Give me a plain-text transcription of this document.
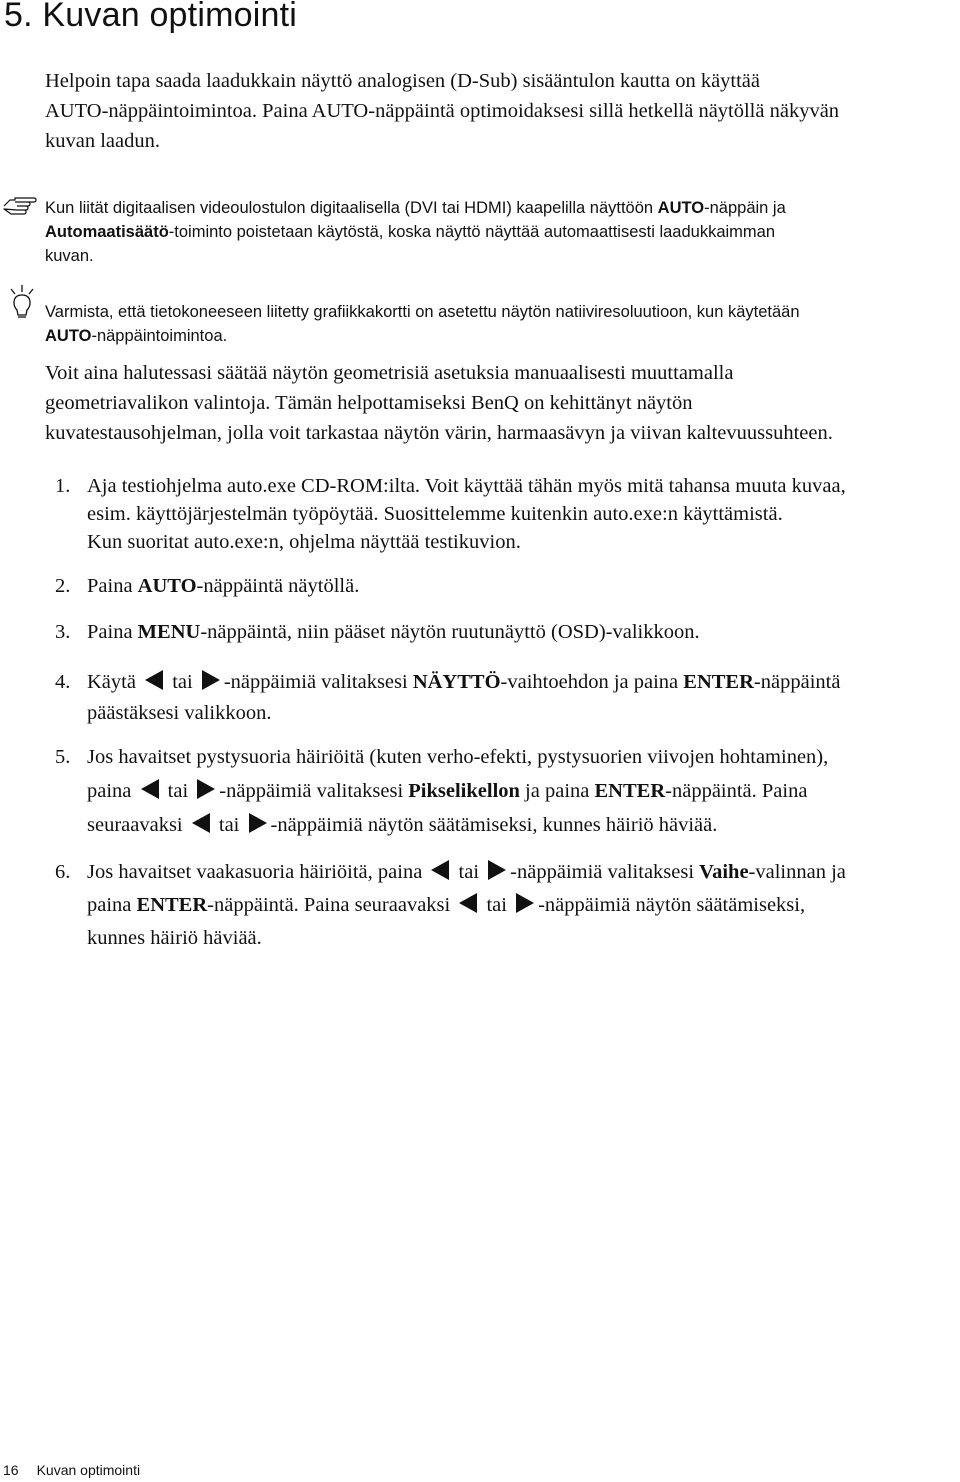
5. Kuvan optimointi
Helpoin tapa saada laadukkain näyttö analogisen (D-Sub) sisääntulon kautta on käyttää
AUTO-näppäintoimintoa. Paina AUTO-näppäintä optimoidaksesi sillä hetkellä näytöllä näkyvän
kuvan laadun.
Kun liität digitaalisen videoulostulon digitaalisella (DVI tai HDMI) kaapelilla näyttöön AUTO-näppäin ja
Automaatisäätö-toiminto poistetaan käytöstä, koska näyttö näyttää automaattisesti laadukkaimman
kuvan.
Varmista, että tietokoneeseen liitetty grafiikkakortti on asetettu näytön natiiviresoluutioon, kun käytetään
AUTO-näppäintoimintoa.
Voit aina halutessasi säätää näytön geometrisiä asetuksia manuaalisesti muuttamalla
geometriavalikon valintoja. Tämän helpottamiseksi BenQ on kehittänyt näytön
kuvatestausohjelman, jolla voit tarkastaa näytön värin, harmaasävyn ja viivan kaltevuussuhteen.
1. Aja testiohjelma auto.exe CD-ROM:ilta. Voit käyttää tähän myös mitä tahansa muuta kuvaa,
esim. käyttöjärjestelmän työpöytää. Suosittelemme kuitenkin auto.exe:n käyttämistä.
Kun suoritat auto.exe:n, ohjelma näyttää testikuvion.
2. Paina AUTO-näppäintä näytöllä.
3. Paina MENU-näppäintä, niin pääset näytön ruutunäyttö (OSD)-valikkoon.
4. Käytä  tai -näppäimiä valitaksesi NÄYTTÖ-vaihtoehdon ja paina ENTER-näppäintä
päästäksesi valikkoon.
5. Jos havaitset pystysuoria häiriöitä (kuten verho-efekti, pystysuorien viivojen hohtaminen),
paina  tai -näppäimiä valitaksesi Pikselikellon ja paina ENTER-näppäintä. Paina
seuraavaksi  tai -näppäimiä näytön säätämiseksi, kunnes häiriö häviää.
6. Jos havaitset vaakasuoria häiriöitä, paina  tai -näppäimiä valitaksesi Vaihe-valinnan ja
paina ENTER-näppäintä. Paina seuraavaksi  tai -näppäimiä näytön säätämiseksi,
kunnes häiriö häviää.
16 Kuvan optimointi
